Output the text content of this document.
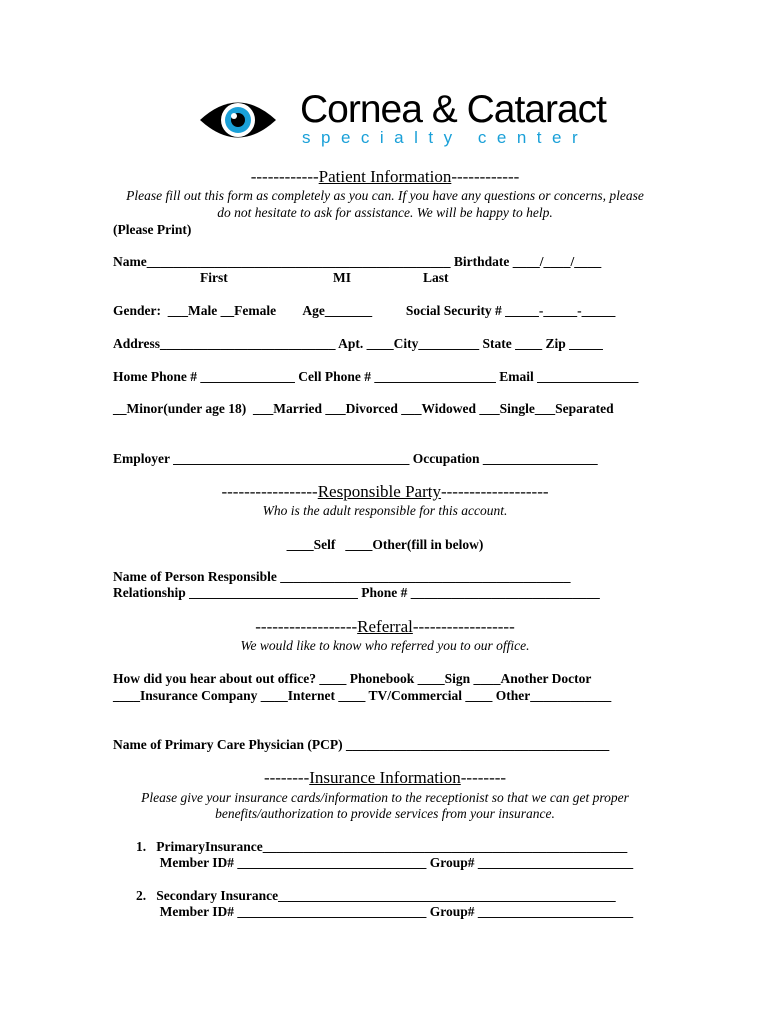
Cornea & Cataract
specialty center
------------Patient Information------------
Please fill out this form as completely as you can. If you have any questions or concerns, please
do not hesitate to ask for assistance. We will be happy to help.
(Please Print)
Name_____________________________________________ Birthdate ____/____/____
First	MI	Last
Gender:  ___Male __Female        Age_______          Social Security # _____-_____-_____
Address__________________________ Apt. ____City_________ State ____ Zip _____
Home Phone # ______________ Cell Phone # __________________ Email _______________
__Minor(under age 18)  ___Married ___Divorced ___Widowed ___Single___Separated
Employer ___________________________________ Occupation _________________
-----------------Responsible Party-------------------
Who is the adult responsible for this account.
____Self   ____Other(fill in below)
Name of Person Responsible ___________________________________________
Relationship _________________________ Phone # ____________________________
------------------Referral------------------
We would like to know who referred you to our office.
How did you hear about out office? ____ Phonebook ____Sign ____Another Doctor
____Insurance Company ____Internet ____ TV/Commercial ____ Other____________
Name of Primary Care Physician (PCP) _______________________________________
--------Insurance Information--------
Please give your insurance cards/information to the receptionist so that we can get proper
benefits/authorization to provide services from your insurance.
1.   PrimaryInsurance______________________________________________________
Member ID# ____________________________ Group# _______________________
2.   Secondary Insurance__________________________________________________
Member ID# ____________________________ Group# _______________________
